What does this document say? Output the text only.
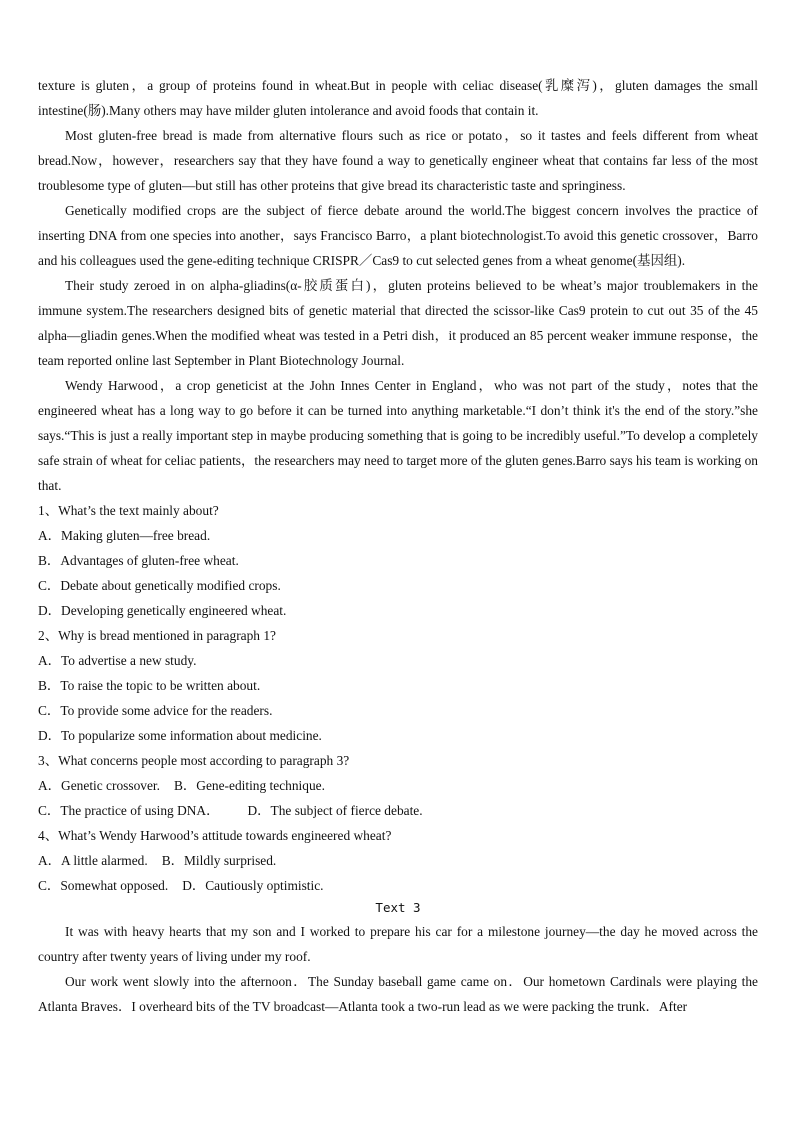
texture is gluten，a group of proteins found in wheat.But in people with celiac disease(乳糜泻)，gluten damages the small intestine(肠).Many others may have milder gluten intolerance and avoid foods that contain it.

Most gluten-free bread is made from alternative flours such as rice or potato，so it tastes and feels different from wheat bread.Now，however，researchers say that they have found a way to genetically engineer wheat that contains far less of the most troublesome type of gluten—but still has other proteins that give bread its characteristic taste and springiness.

Genetically modified crops are the subject of fierce debate around the world.The biggest concern involves the practice of inserting DNA from one species into another，says Francisco Barro，a plant biotechnologist.To avoid this genetic crossover，Barro and his colleagues used the gene-editing technique CRISPR／Cas9 to cut selected genes from a wheat genome(基因组).

Their study zeroed in on alpha-gliadins(α-胶质蛋白)，gluten proteins believed to be wheat’s major troublemakers in the immune system.The researchers designed bits of genetic material that directed the scissor-like Cas9 protein to cut out 35 of the 45 alpha—gliadin genes.When the modified wheat was tested in a Petri dish，it produced an 85 percent weaker immune response，the team reported online last September in Plant Biotechnology Journal.

Wendy Harwood，a crop geneticist at the John Innes Center in England，who was not part of the study，notes that the engineered wheat has a long way to go before it can be turned into anything marketable.“I don’t think it's the end of the story.”she says.“This is just a really important step in maybe producing something that is going to be incredibly useful.”To develop a completely safe strain of wheat for celiac patients，the researchers may need to target more of the gluten genes.Barro says his team is working on that.

1、What’s the text mainly about?
A．Making gluten—free bread.
B．Advantages of gluten-free wheat.
C．Debate about genetically modified crops.
D．Developing genetically engineered wheat.
2、Why is bread mentioned in paragraph 1?
A．To advertise a new study.
B．To raise the topic to be written about.
C．To provide some advice for the readers.
D．To popularize some information about medicine.
3、What concerns people most according to paragraph 3?
A．Genetic crossover. B．Gene-editing technique.
C．The practice of using DNA． D．The subject of fierce debate.
4、What’s Wendy Harwood’s attitude towards engineered wheat?
A．A little alarmed. B．Mildly surprised.
C．Somewhat opposed. D．Cautiously optimistic.
Text 3

It was with heavy hearts that my son and I worked to prepare his car for a milestone journey—the day he moved across the country after twenty years of living under my roof.

Our work went slowly into the afternoon．The Sunday baseball game came on．Our hometown Cardinals were playing the Atlanta Braves．I overheard bits of the TV broadcast—Atlanta took a two-run lead as we were packing the trunk．After
